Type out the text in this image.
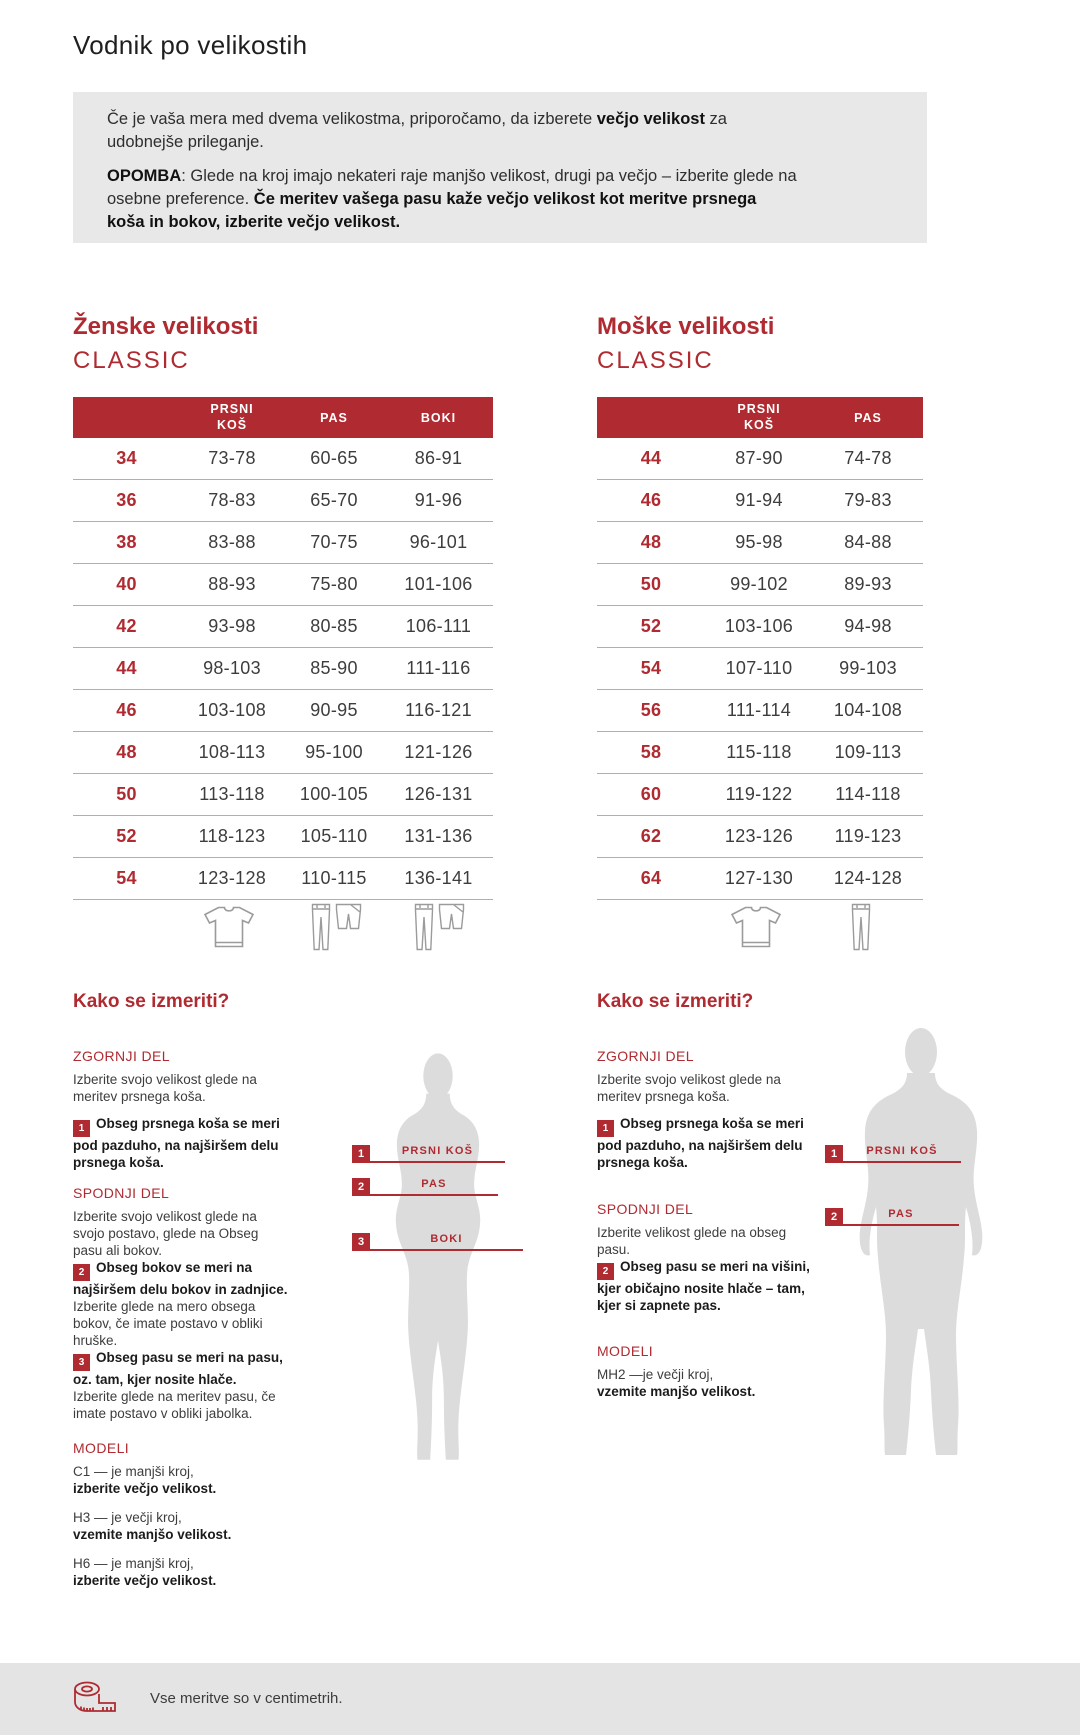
Vodnik po velikostih

Če je vaša mera med dvema velikostma, priporočamo, da izberete večjo velikost za udobnejše prileganje.

OPOMBA: Glede na kroj imajo nekateri raje manjšo velikost, drugi pa večjo – izberite glede na osebne preference. Če meritev vašega pasu kaže večjo velikost kot meritve prsnega koša in bokov, izberite večjo velikost.

Ženske velikosti
CLASSIC
PRSNI KOŠ	PAS	BOKI
34	73-78	60-65	86-91
36	78-83	65-70	91-96
38	83-88	70-75	96-101
40	88-93	75-80	101-106
42	93-98	80-85	106-111
44	98-103	85-90	111-116
46	103-108	90-95	116-121
48	108-113	95-100	121-126
50	113-118	100-105	126-131
52	118-123	105-110	131-136
54	123-128	110-115	136-141
Moške velikosti
CLASSIC
PRSNI KOŠ	PAS
44	87-90	74-78
46	91-94	79-83
48	95-98	84-88
50	99-102	89-93
52	103-106	94-98
54	107-110	99-103
56	111-114	104-108
58	115-118	109-113
60	119-122	114-118
62	123-126	119-123
64	127-130	124-128
Kako se izmeriti?
ZGORNJI DEL

Izberite svojo velikost glede na meritev prsnega koša.

1 Obseg prsnega koša se meri pod pazduho, na najširšem delu prsnega koša.

SPODNJI DEL

Izberite svojo velikost glede na svojo postavo, glede na Obseg pasu ali bokov.

2 Obseg bokov se meri na najširšem delu bokov in zadnjice.
Izberite glede na mero obsega bokov, če imate postavo v obliki hruške.

3 Obseg pasu se meri na pasu, oz. tam, kjer nosite hlače.
Izberite glede na meritev pasu, če imate postavo v obliki jabolka.

MODELI
C1 — je manjši kroj,
izberite večjo velikost.
H3 — je večji kroj,
vzemite manjšo velikost.
H6 — je manjši kroj,
izberite večjo velikost.
Kako se izmeriti?
ZGORNJI DEL

Izberite svojo velikost glede na meritev prsnega koša.

1 Obseg prsnega koša se meri pod pazduho, na najširšem delu prsnega koša.

SPODNJI DEL

Izberite velikost glede na obseg pasu.

2 Obseg pasu se meri na višini, kjer običajno nosite hlače – tam, kjer si zapnete pas.

MODELI
MH2 —je večji kroj,
vzemite manjšo velikost.
1	PRSNI KOŠ
2	PAS
3	BOKI
1	PRSNI KOŠ
2	PAS
Vse meritve so v centimetrih.
